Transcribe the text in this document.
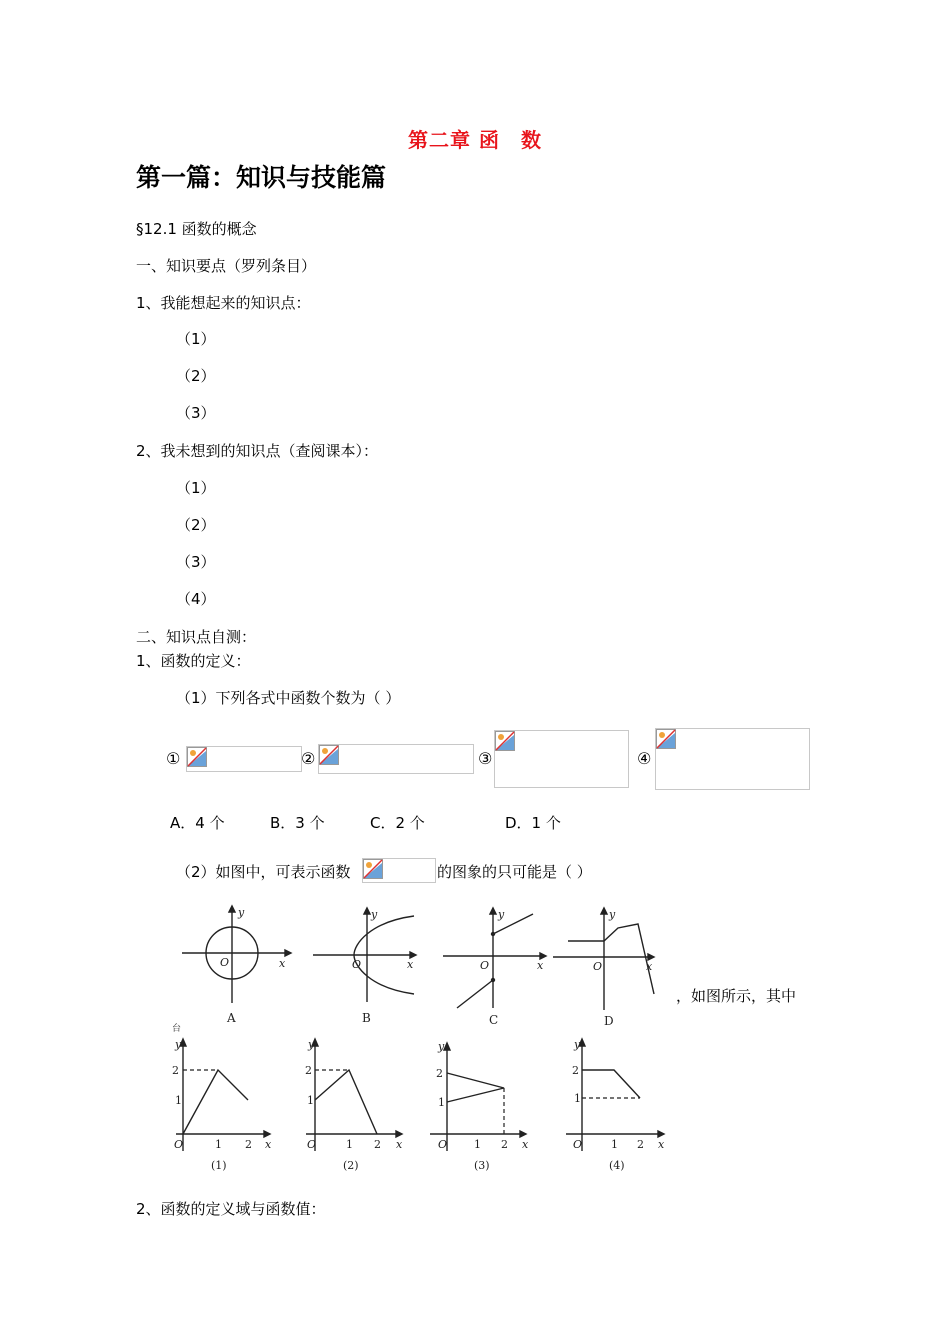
第二章 函　数
第一篇：知识与技能篇
§12.1 函数的概念
一、知识要点（罗列条目）
1、我能想起来的知识点：
（1）
（2）
（3）
2、我未想到的知识点（查阅课本）：
（1）
（2）
（3）
（4）
二、知识点自测：
1、函数的定义：
（1）下列各式中函数个数为（ ）
①	②	③	④
A．4 个	B．3 个	C．2 个	D．1 个
（2）如图中，可表示函数	的图象的只可能是（ ）
y
x
O
y
x
O
y
x
O
y
x
O
A	B	C	D
，如图所示，其中
台
y
2
1
O	1 2 x
y
2
1
O	1 2 x
y
2
1
O 1 2 x
y
2
1
O	1 2 x
(1)	(2)	(3)	(4)
2、函数的定义域与函数值：
